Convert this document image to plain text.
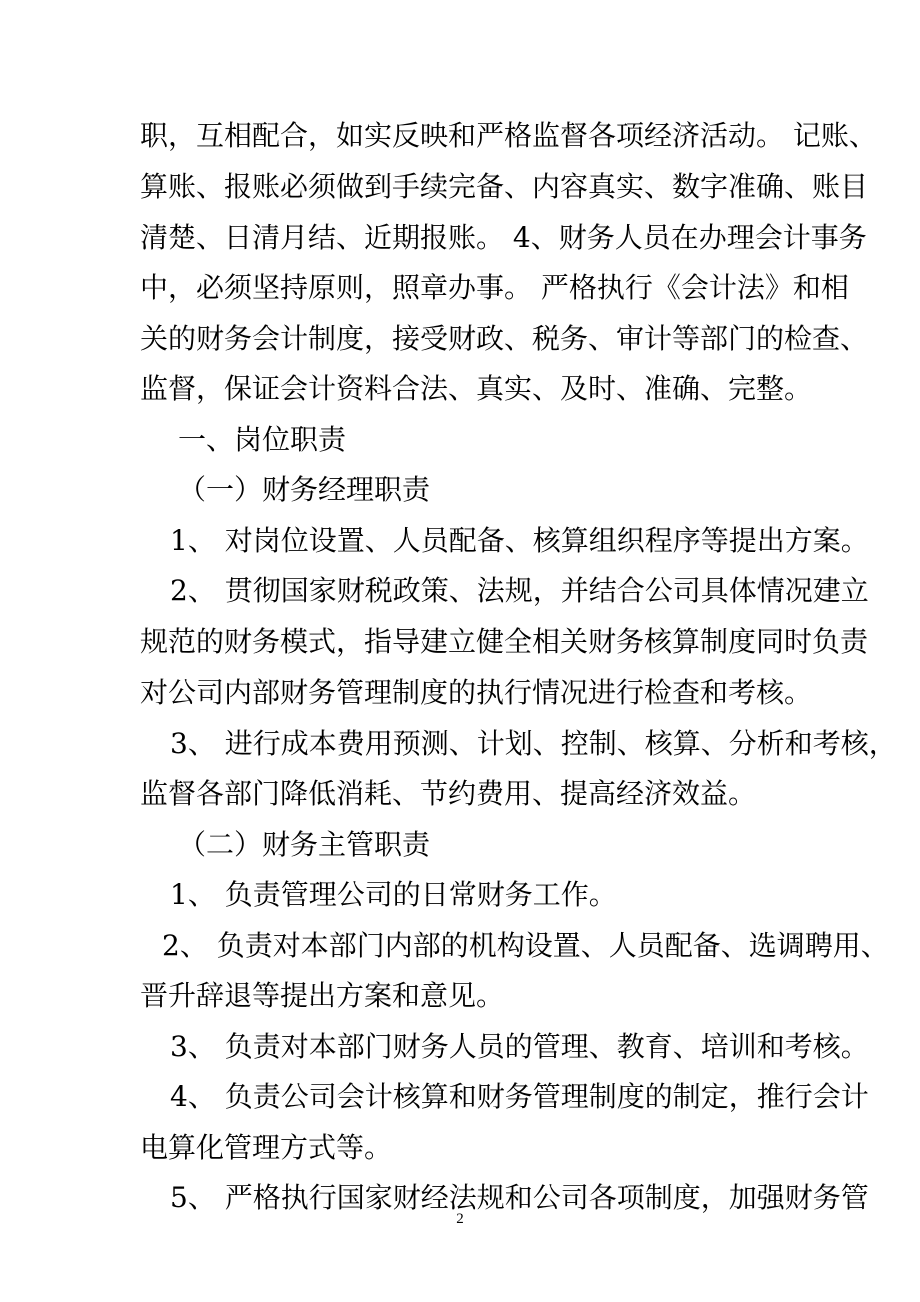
职，互相配合，如实反映和严格监督各项经济活动。 记账、
算账、报账必须做到手续完备、内容真实、数字准确、账目
清楚、日清月结、近期报账。 4、财务人员在办理会计事务
中，必须坚持原则，照章办事。 严格执行《会计法》和相
关的财务会计制度，接受财政、税务、审计等部门的检查、
监督，保证会计资料合法、真实、及时、准确、完整。
一、岗位职责
（一）财务经理职责
1、 对岗位设置、人员配备、核算组织程序等提出方案。
2、 贯彻国家财税政策、法规，并结合公司具体情况建立
规范的财务模式，指导建立健全相关财务核算制度同时负责
对公司内部财务管理制度的执行情况进行检查和考核。
3、 进行成本费用预测、计划、控制、核算、分析和考核，
监督各部门降低消耗、节约费用、提高经济效益。
（二）财务主管职责
1、 负责管理公司的日常财务工作。
2、 负责对本部门内部的机构设置、人员配备、选调聘用、
晋升辞退等提出方案和意见。
3、 负责对本部门财务人员的管理、教育、培训和考核。
4、 负责公司会计核算和财务管理制度的制定，推行会计
电算化管理方式等。
5、 严格执行国家财经法规和公司各项制度，加强财务管
2
